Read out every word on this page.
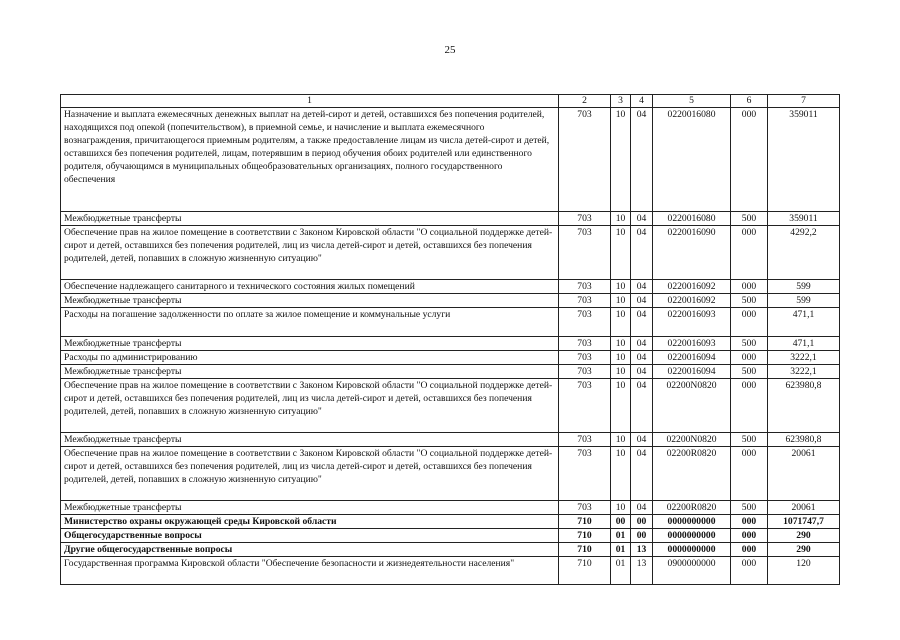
25
1	2	3	4	5	6	7
Назначение и выплата ежемесячных денежных выплат на детей-сирот и детей, оставшихся без попечения родителей, находящихся под опекой (попечительством), в приемной семье, и начисление и выплата ежемесячного вознаграждения, причитающегося приемным родителям, а также предоставление лицам из числа детей-сирот и детей, оставшихся без попечения родителей, лицам, потерявшим в период обучения обоих родителей или единственного родителя, обучающимся в муниципальных общеобразовательных организациях, полного государственного обеспечения	703	10	04	0220016080	000	359011
Межбюджетные трансферты	703	10	04	0220016080	500	359011
Обеспечение прав на жилое помещение в соответствии с Законом Кировской области "О социальной поддержке детей-сирот и детей, оставшихся без попечения родителей, лиц из числа детей-сирот и детей, оставшихся без попечения родителей, детей, попавших в сложную жизненную ситуацию"	703	10	04	0220016090	000	4292,2
Обеспечение надлежащего санитарного и технического состояния жилых помещений	703	10	04	0220016092	000	599
Межбюджетные трансферты	703	10	04	0220016092	500	599
Расходы на погашение задолженности по оплате за жилое помещение и коммунальные услуги	703	10	04	0220016093	000	471,1
Межбюджетные трансферты	703	10	04	0220016093	500	471,1
Расходы по администрированию	703	10	04	0220016094	000	3222,1
Межбюджетные трансферты	703	10	04	0220016094	500	3222,1
Обеспечение прав на жилое помещение в соответствии с Законом Кировской области "О социальной поддержке детей-сирот и детей, оставшихся без попечения родителей, лиц из числа детей-сирот и детей, оставшихся без попечения родителей, детей, попавших в сложную жизненную ситуацию"	703	10	04	02200N0820	000	623980,8
Межбюджетные трансферты	703	10	04	02200N0820	500	623980,8
Обеспечение прав на жилое помещение в соответствии с Законом Кировской области "О социальной поддержке детей-сирот и детей, оставшихся без попечения родителей, лиц из числа детей-сирот и детей, оставшихся без попечения родителей, детей, попавших в сложную жизненную ситуацию"	703	10	04	02200R0820	000	20061
Межбюджетные трансферты	703	10	04	02200R0820	500	20061
Министерство охраны окружающей среды Кировской области	710	00	00	0000000000	000	1071747,7
Общегосударственные вопросы	710	01	00	0000000000	000	290
Другие общегосударственные вопросы	710	01	13	0000000000	000	290
Государственная программа Кировской области "Обеспечение безопасности и жизнедеятельности населения"	710	01	13	0900000000	000	120
